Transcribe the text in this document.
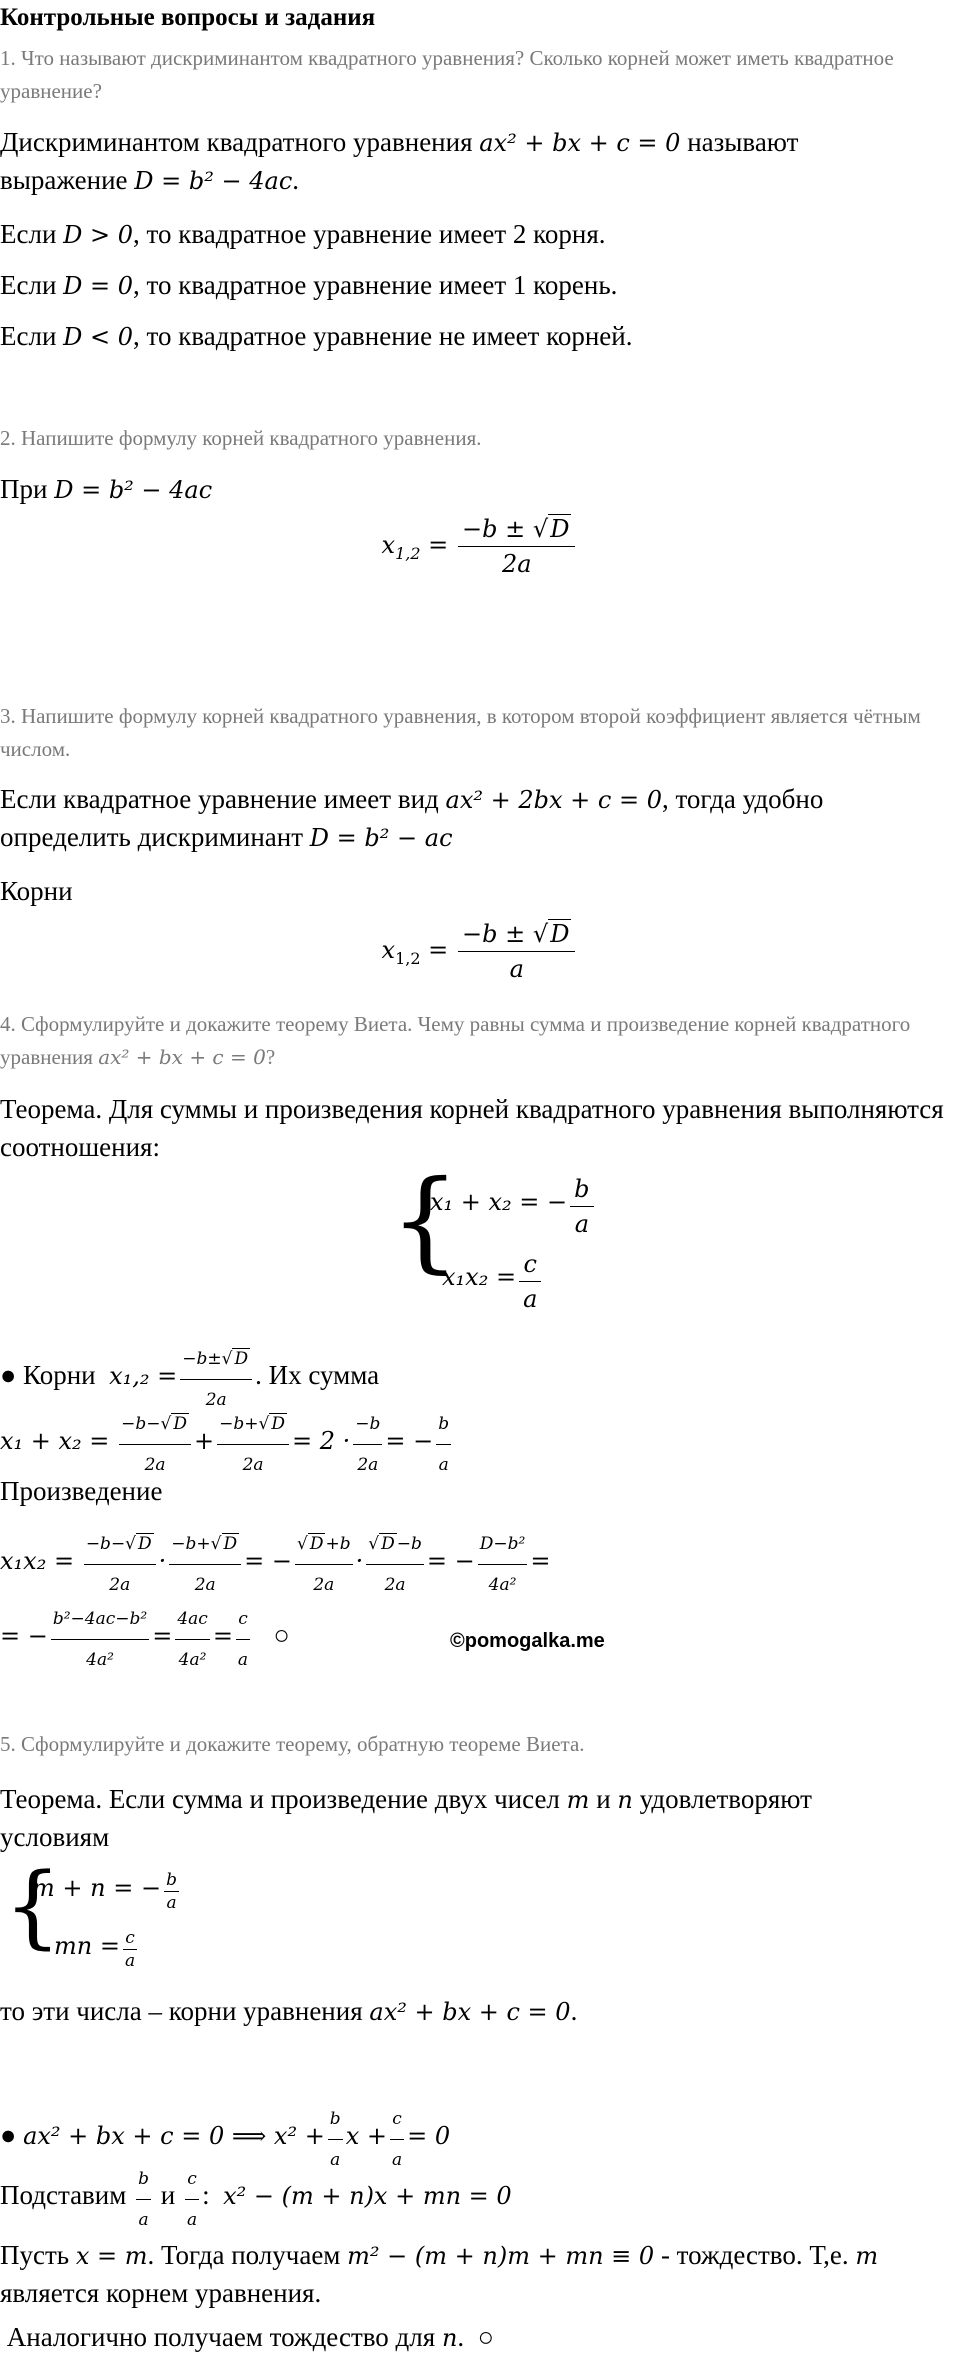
Контрольные вопросы и задания
1. Что называют дискриминантом квадратного уравнения? Сколько корней может иметь квадратное уравнение?
Дискриминантом квадратного уравнения ax² + bx + c = 0 называют
выражение D = b² − 4ac.
Если D > 0, то квадратное уравнение имеет 2 корня.
Если D = 0, то квадратное уравнение имеет 1 корень.
Если D < 0, то квадратное уравнение не имеет корней.
2. Напишите формулу корней квадратного уравнения.
При D = b² − 4ac
$x_{1,2} = \frac{-b \pm √D}{2a}$
3. Напишите формулу корней квадратного уравнения, в котором второй коэффициент является чётным числом.
Если квадратное уравнение имеет вид ax² + 2bx + c = 0, тогда удобно
определить дискриминант D = b² − ac
Корни
$x_{1,2} = \frac{-b \pm √D}{a}$
4. Сформулируйте и докажите теорему Виета. Чему равны сумма и произведение корней квадратного уравнения ax² + bx + c = 0?
Теорема. Для суммы и произведения корней квадратного уравнения выполняются соотношения:
{
x₁ + x₂ = − $\frac{b}{a}$
$x_1x_2 = \frac{c}{a}$
● Корни $x_1,_2 = \frac{-b\pm√ D}{2a}$ . Их сумма
$x_1 + x_2 = \frac{-b-√ D}{2a} + \frac{-b+√ D}{2a} = 2 \cdot \frac{-b}{2a}$ = − $\frac{b}{a}$
Произведение
$x_1x_2 = \frac{-b-√ D}{2a} \cdot \frac{-b+√ D}{2a}$ = − $\frac{√ D +b}{2a} \cdot \frac{√ D -b}{2a}$ = − $\frac{\text{D−b²}}{\text{4a²}}$ =
= − $\frac{\text{b²−4ac−b²}}{\text{4a²}} = \frac{4ac}{\text{4a²}} = \frac{c}{a}$ ○	©pomogalka.me
5. Сформулируйте и докажите теорему, обратную теореме Виета.
Теорема. Если сумма и произведение двух чисел m и n удовлетворяют
условиям
{
m + n = − $\frac{b}{a}$
mn = $\frac{c}{a}$
то эти числа – корни уравнения ax² + bx + c = 0.
● ax² + bx + c = 0 ⟹ $x^2 + \frac{b}{a}$ $x + \frac{c}{a} = 0$
Подставим $\frac{b}{a}$ и $\frac{c}{a}$ :  x² − (m + n)x + mn = 0
Пусть x = m. Тогда получаем m² − (m + n)m + mn ≡ 0 - тождество. Т,е. m
является корнем уравнения.
Аналогично получаем тождество для n.  ○
